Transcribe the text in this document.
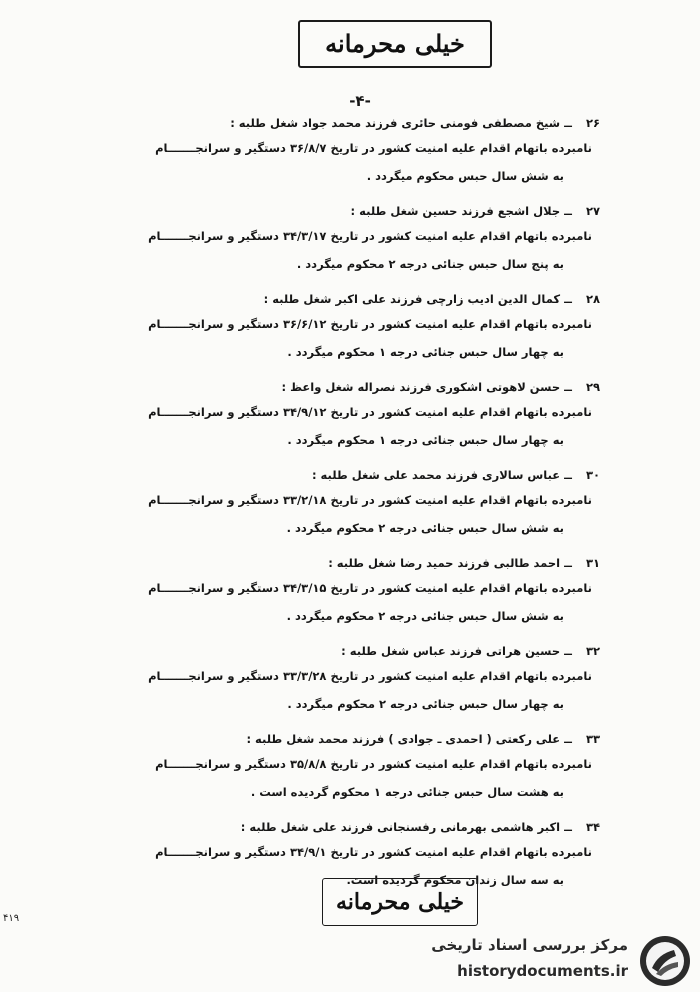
خیلی محرمانه
-۴-
۲۶ــشیخ مصطفی فومنی حائری فرزند محمد جواد شغل طلبه :
نامبرده باتهام اقدام علیه امنیت کشور در تاریخ ۳۶/۸/۷ دستگیر و سرانجـــــــام
به شش سال حبس محکوم میگردد .
۲۷ــجلال اشجع فرزند حسین شغل طلبه :
نامبرده باتهام اقدام علیه امنیت کشور در تاریخ ۳۴/۳/۱۷ دستگیر و سرانجـــــــام
به پنج سال حبس جنائی درجه ۲ محکوم میگردد .
۲۸ــکمال الدین ادیب زارچی فرزند علی اکبر شغل طلبه :
نامبرده باتهام اقدام علیه امنیت کشور در تاریخ ۳۶/۶/۱۲ دستگیر و سرانجـــــــام
به چهار سال حبس جنائی درجه ۱ محکوم میگردد .
۲۹ــحسن لاهوتی اشکوری فرزند نصراله شغل واعظ :
نامبرده باتهام اقدام علیه امنیت کشور در تاریخ ۳۴/۹/۱۲ دستگیر و سرانجـــــــام
به چهار سال حبس جنائی درجه ۱ محکوم میگردد .
۳۰ــعباس سالاری فرزند محمد علی شغل طلبه :
نامبرده باتهام اقدام علیه امنیت کشور در تاریخ ۳۳/۲/۱۸ دستگیر و سرانجـــــــام
به شش سال حبس جنائی درجه ۲ محکوم میگردد .
۳۱ــاحمد طالبی فرزند حمید رضا شغل طلبه :
نامبرده باتهام اقدام علیه امنیت کشور در تاریخ ۳۴/۳/۱۵ دستگیر و سرانجـــــــام
به شش سال حبس جنائی درجه ۲ محکوم میگردد .
۳۲ــحسین هراتی فرزند عباس شغل طلبه :
نامبرده باتهام اقدام علیه امنیت کشور در تاریخ ۳۳/۳/۲۸ دستگیر و سرانجـــــــام
به چهار سال حبس جنائی درجه ۲ محکوم میگردد .
۳۳ــعلی رکعتی ( احمدی ـ جوادی ) فرزند محمد شغل طلبه :
نامبرده باتهام اقدام علیه امنیت کشور در تاریخ ۳۵/۸/۸ دستگیر و سرانجـــــــام
به هشت سال حبس جنائی درجه ۱ محکوم گردیده است .
۳۴ــاکبر هاشمی بهرمانی رفسنجانی فرزند علی شغل طلبه :
نامبرده باتهام اقدام علیه امنیت کشور در تاریخ ۳۴/۹/۱ دستگیر و سرانجـــــــام
به سه سال زندان محکوم گردیده است.
خیلی محرمانه
۴۱۹
مرکز بررسی اسناد تاریخی
historydocuments.ir
